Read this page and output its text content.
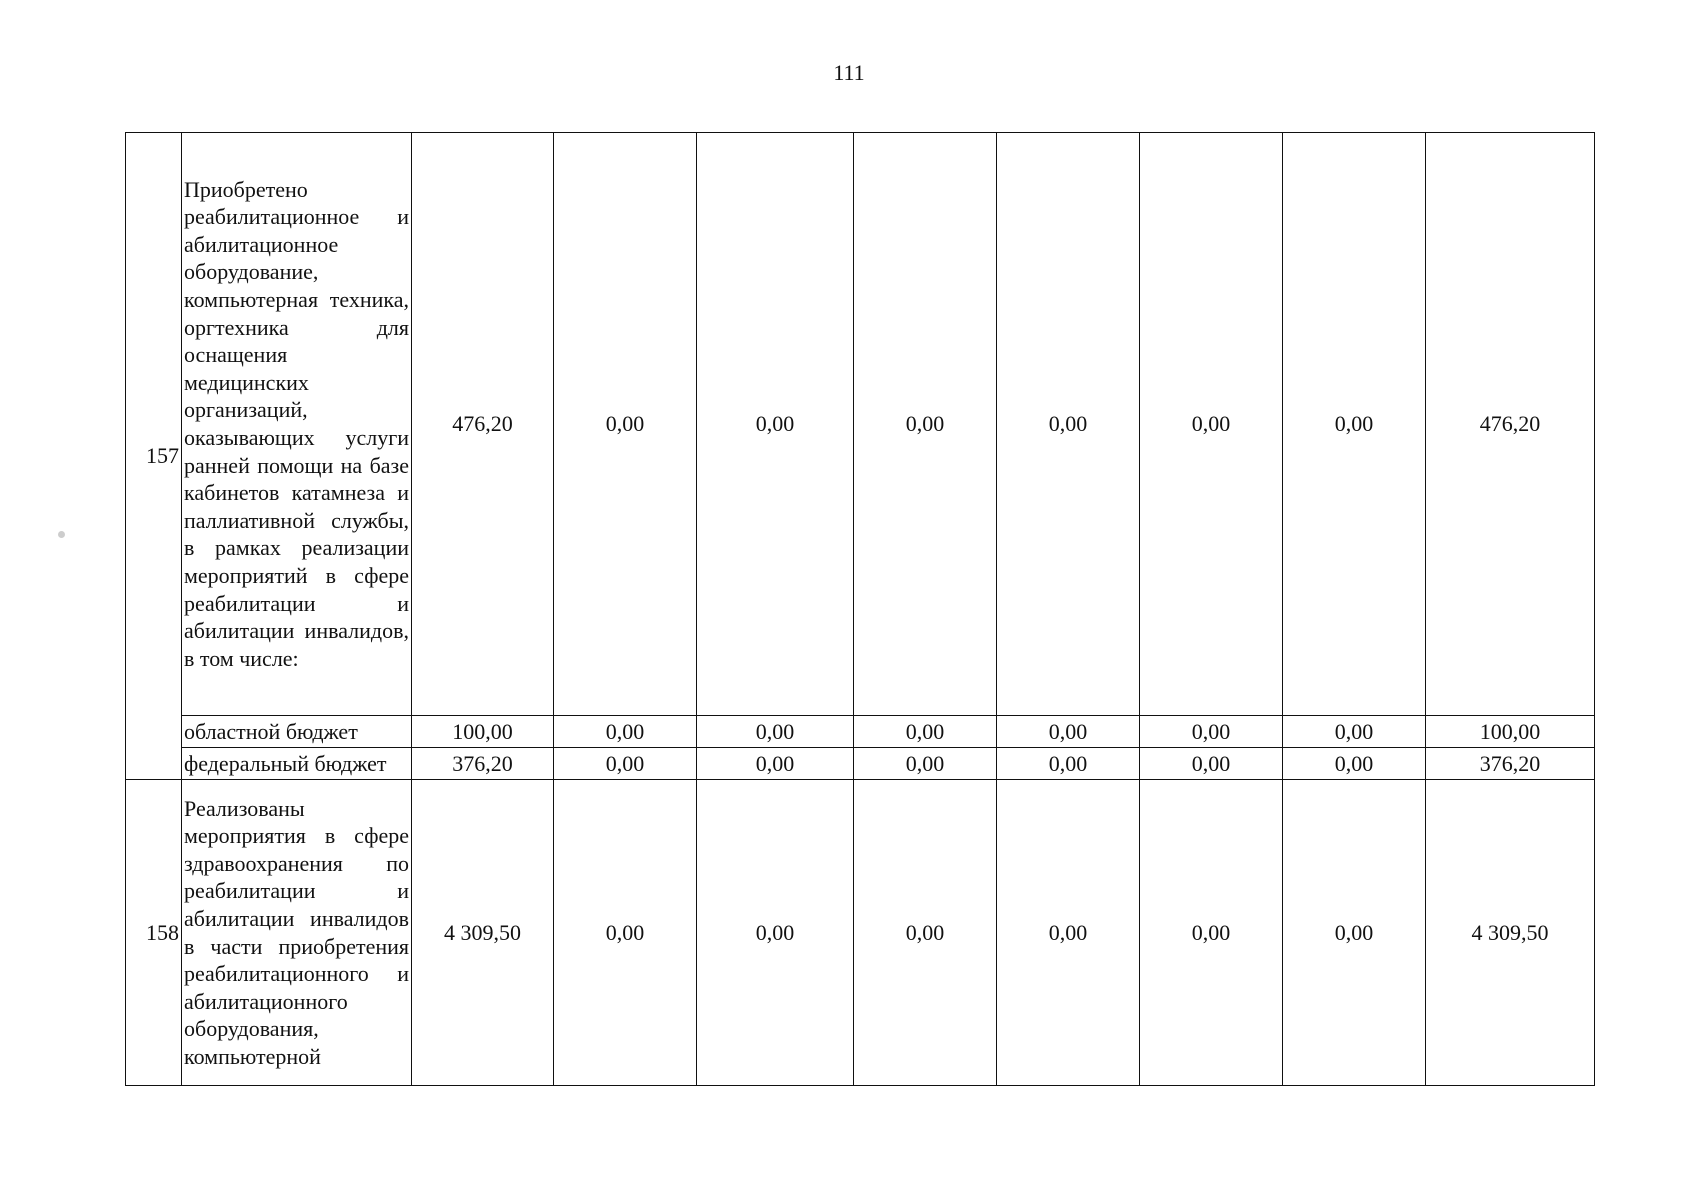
111
157	Приобретено реабилитационное и абилитационное оборудование, компьютерная техника, оргтехника для оснащения медицинских организаций, оказывающих услуги ранней помощи на базе кабинетов катамнеза и паллиативной службы, в рамках реализации мероприятий в сфере реабилитации и абилитации инвалидов, в том числе:	476,20	0,00	0,00	0,00	0,00	0,00	0,00	476,20
	областной бюджет	100,00	0,00	0,00	0,00	0,00	0,00	0,00	100,00
	федеральный бюджет	376,20	0,00	0,00	0,00	0,00	0,00	0,00	376,20
158	Реализованы мероприятия в сфере здравоохранения по реабилитации и абилитации инвалидов в части приобретения реабилитационного и абилитационного оборудования, компьютерной	4 309,50	0,00	0,00	0,00	0,00	0,00	0,00	4 309,50
